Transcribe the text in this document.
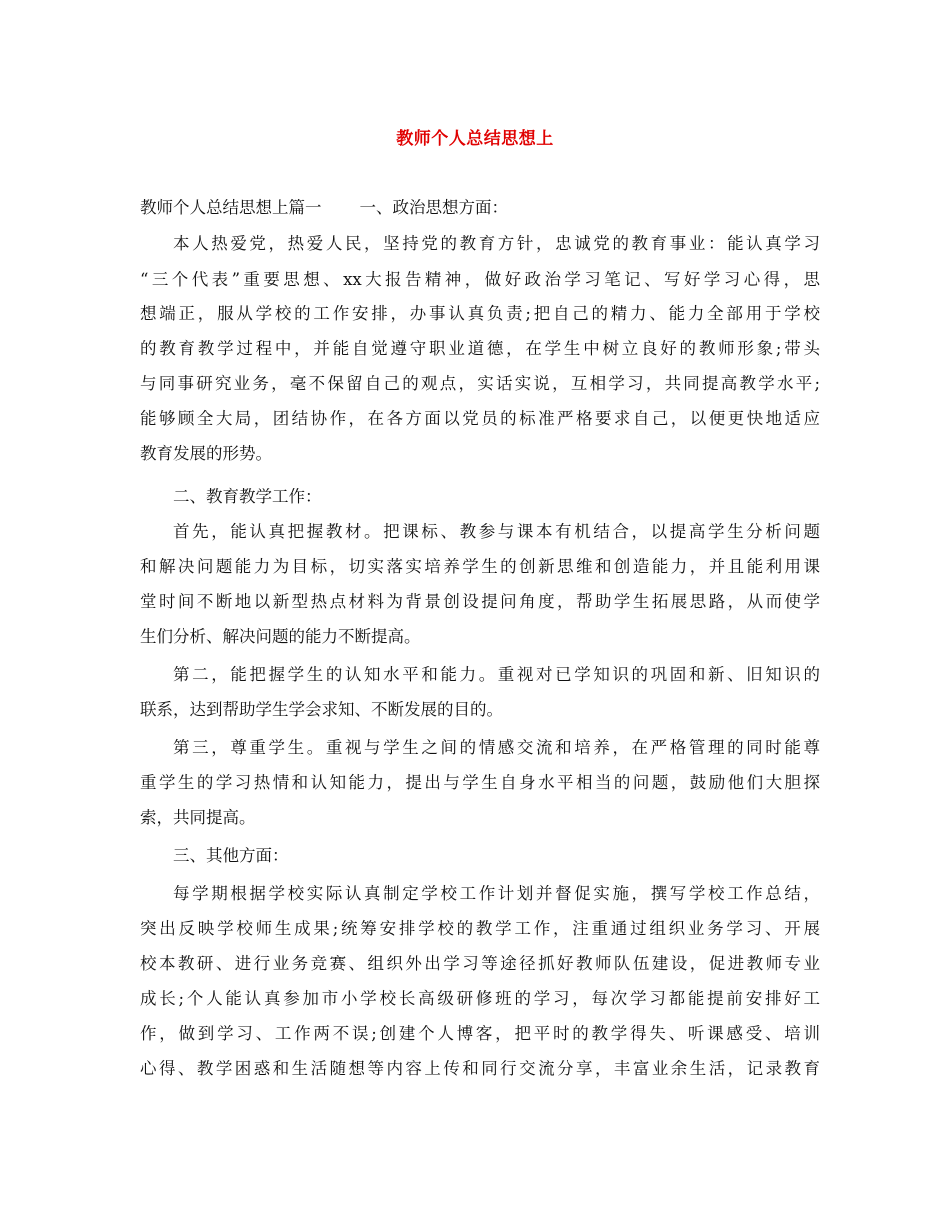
教师个人总结思想上
教师个人总结思想上篇一 一、政治思想方面：
本人热爱党，热爱人民，坚持党的教育方针，忠诚党的教育事业：能认真学习
“三个代表”重要思想、xx大报告精神，做好政治学习笔记、写好学习心得，思
想端正，服从学校的工作安排，办事认真负责;把自己的精力、能力全部用于学校
的教育教学过程中，并能自觉遵守职业道德，在学生中树立良好的教师形象;带头
与同事研究业务，毫不保留自己的观点，实话实说，互相学习，共同提高教学水平;
能够顾全大局，团结协作，在各方面以党员的标准严格要求自己，以便更快地适应
教育发展的形势。
二、教育教学工作：
首先，能认真把握教材。把课标、教参与课本有机结合，以提高学生分析问题
和解决问题能力为目标，切实落实培养学生的创新思维和创造能力，并且能利用课
堂时间不断地以新型热点材料为背景创设提问角度，帮助学生拓展思路，从而使学
生们分析、解决问题的能力不断提高。
第二，能把握学生的认知水平和能力。重视对已学知识的巩固和新、旧知识的
联系，达到帮助学生学会求知、不断发展的目的。
第三，尊重学生。重视与学生之间的情感交流和培养，在严格管理的同时能尊
重学生的学习热情和认知能力，提出与学生自身水平相当的问题，鼓励他们大胆探
索，共同提高。
三、其他方面：
每学期根据学校实际认真制定学校工作计划并督促实施，撰写学校工作总结，
突出反映学校师生成果;统筹安排学校的教学工作，注重通过组织业务学习、开展
校本教研、进行业务竞赛、组织外出学习等途径抓好教师队伍建设，促进教师专业
成长;个人能认真参加市小学校长高级研修班的学习，每次学习都能提前安排好工
作，做到学习、工作两不误;创建个人博客，把平时的教学得失、听课感受、培训
心得、教学困惑和生活随想等内容上传和同行交流分享，丰富业余生活，记录教育
